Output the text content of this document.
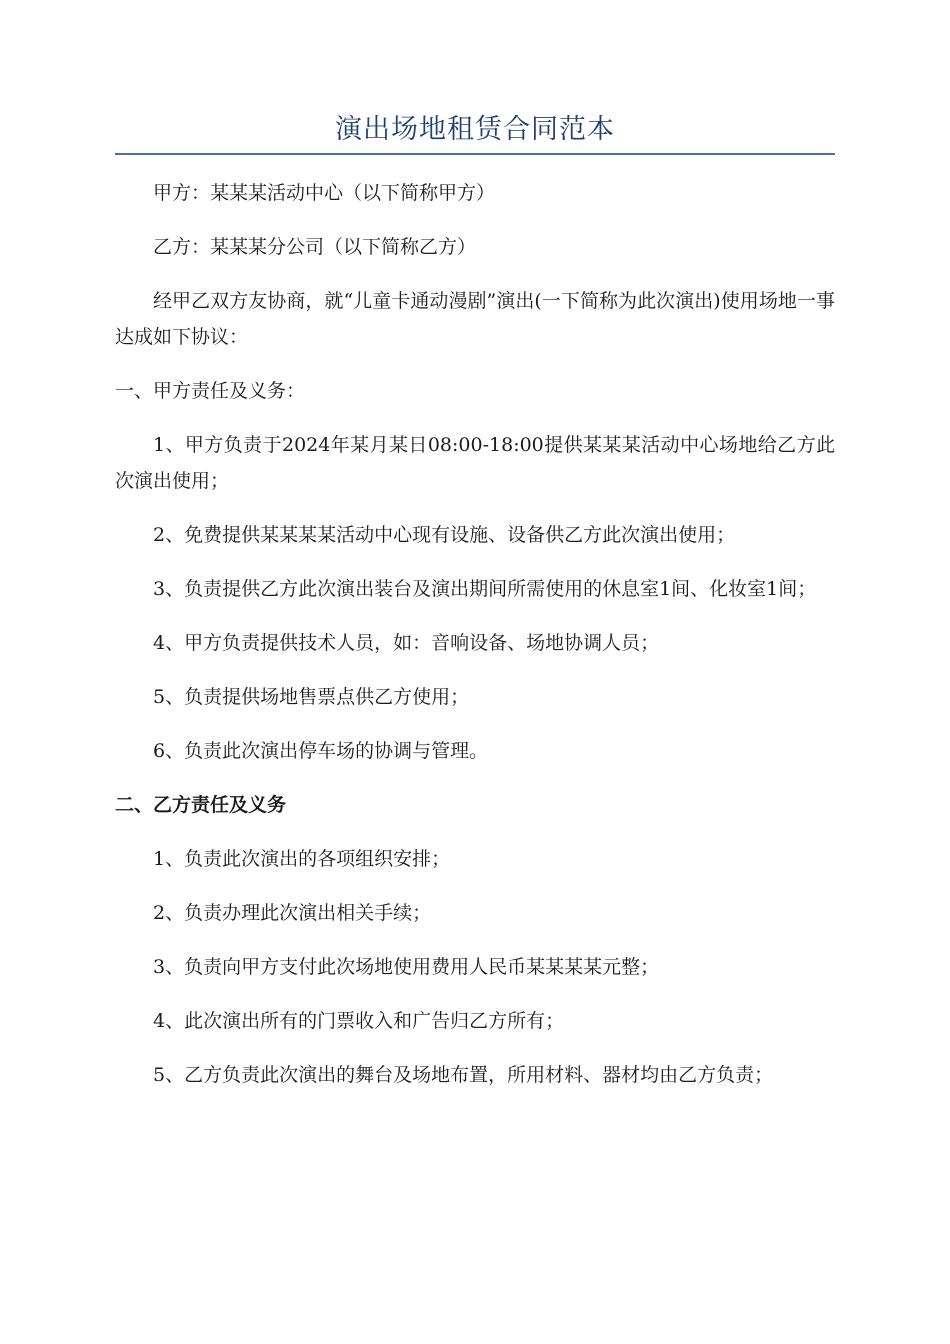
演出场地租赁合同范本

甲方：某某某活动中心（以下简称甲方）

乙方：某某某分公司（以下简称乙方）

经甲乙双方友协商，就“儿童卡通动漫剧”演出(一下简称为此次演出)使用场地一事达成如下协议：

一、甲方责任及义务：

1、甲方负责于2024年某月某日08:00-18:00提供某某某活动中心场地给乙方此次演出使用；

2、免费提供某某某某活动中心现有设施、设备供乙方此次演出使用；

3、负责提供乙方此次演出装台及演出期间所需使用的休息室1间、化妆室1间；

4、甲方负责提供技术人员，如：音响设备、场地协调人员；

5、负责提供场地售票点供乙方使用；

6、负责此次演出停车场的协调与管理。

二、乙方责任及义务

1、负责此次演出的各项组织安排；

2、负责办理此次演出相关手续；

3、负责向甲方支付此次场地使用费用人民币某某某某元整；

4、此次演出所有的门票收入和广告归乙方所有；

5、乙方负责此次演出的舞台及场地布置，所用材料、器材均由乙方负责；
